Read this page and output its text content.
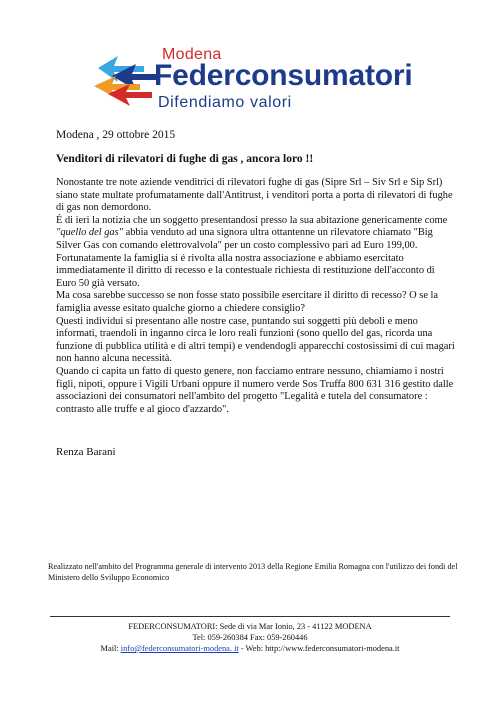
Modena
Federconsumatori
Difendiamo valori
Modena , 29 ottobre 2015
Venditori di rilevatori di fughe di gas , ancora loro !!

Nonostante tre note aziende venditrici di rilevatori fughe di gas (Sipre Srl – Siv Srl e Sip Srl) siano state multate profumatamente dall'Antitrust, i venditori porta a porta di rilevatori di fughe di gas non demordono.

É di ieri la notizia che un soggetto presentandosi presso la sua abitazione genericamente come "quello del gas" abbia venduto ad una signora ultra ottantenne un rilevatore chiamato "Big Silver Gas con comando elettrovalvola" per un costo complessivo pari ad Euro 199,00.

Fortunatamente la famiglia si é rivolta alla nostra associazione e abbiamo esercitato immediatamente il diritto di recesso e la contestuale richiesta di restituzione dell'acconto di Euro 50 già versato.

Ma cosa sarebbe successo se non fosse stato possibile esercitare il diritto di recesso? O se la famiglia avesse esitato qualche giorno a chiedere consiglio?

Questi individui si presentano alle nostre case, puntando sui soggetti più deboli e meno informati, traendoli in inganno circa le loro reali funzioni (sono quello del gas, ricorda una funzione di pubblica utilità e di altri tempi) e vendendogli apparecchi costosissimi di cui magari non hanno alcuna necessità.

Quando ci capita un fatto di questo genere, non facciamo entrare nessuno, chiamiamo i nostri figli, nipoti, oppure i Vigili Urbani oppure il numero verde Sos Truffa 800 631 316 gestito dalle associazioni dei consumatori nell'ambito del progetto "Legalità e tutela del consumatore : contrasto alle truffe e al gioco d'azzardo".

Renza Barani
Realizzato nell'ambito del Programma generale di intervento 2013 della Regione Emilia Romagna con l'utilizzo dei fondi del Ministero dello Sviluppo Economico
FEDERCONSUMATORI: Sede di via Mar Ionio, 23 - 41122 MODENA
Tel: 059-260384 Fax: 059-260446
Mail: info@federconsumatori-modena. it - Web: http://www.federconsumatori-modena.it
